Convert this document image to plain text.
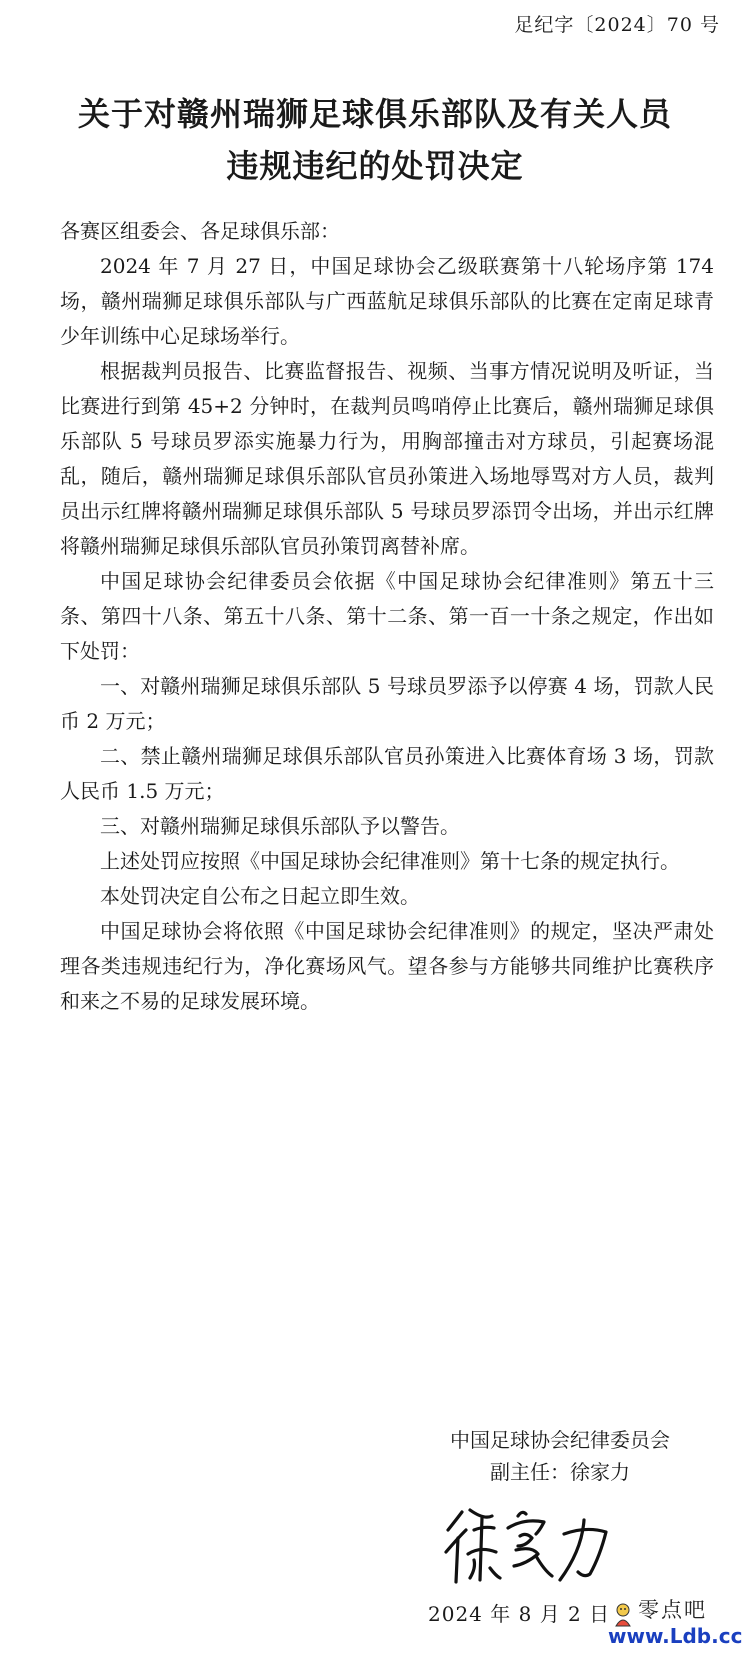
足纪字〔2024〕70 号
关于对赣州瑞狮足球俱乐部队及有关人员
违规违纪的处罚决定

各赛区组委会、各足球俱乐部：

2024 年 7 月 27 日，中国足球协会乙级联赛第十八轮场序第 174 场，赣州瑞狮足球俱乐部队与广西蓝航足球俱乐部队的比赛在定南足球青少年训练中心足球场举行。

根据裁判员报告、比赛监督报告、视频、当事方情况说明及听证，当比赛进行到第 45+2 分钟时，在裁判员鸣哨停止比赛后，赣州瑞狮足球俱乐部队 5 号球员罗添实施暴力行为，用胸部撞击对方球员，引起赛场混乱，随后，赣州瑞狮足球俱乐部队官员孙策进入场地辱骂对方人员，裁判员出示红牌将赣州瑞狮足球俱乐部队 5 号球员罗添罚令出场，并出示红牌将赣州瑞狮足球俱乐部队官员孙策罚离替补席。

中国足球协会纪律委员会依据《中国足球协会纪律准则》第五十三条、第四十八条、第五十八条、第十二条、第一百一十条之规定，作出如下处罚：

一、对赣州瑞狮足球俱乐部队 5 号球员罗添予以停赛 4 场，罚款人民币 2 万元；

二、禁止赣州瑞狮足球俱乐部队官员孙策进入比赛体育场 3 场，罚款人民币 1.5 万元；

三、对赣州瑞狮足球俱乐部队予以警告。

上述处罚应按照《中国足球协会纪律准则》第十七条的规定执行。

本处罚决定自公布之日起立即生效。

中国足球协会将依照《中国足球协会纪律准则》的规定，坚决严肃处理各类违规违纪行为，净化赛场风气。望各参与方能够共同维护比赛秩序和来之不易的足球发展环境。

中国足球协会纪律委员会
副主任：徐家力
2024 年 8 月 2 日 零点吧
www.Ldb.cc
